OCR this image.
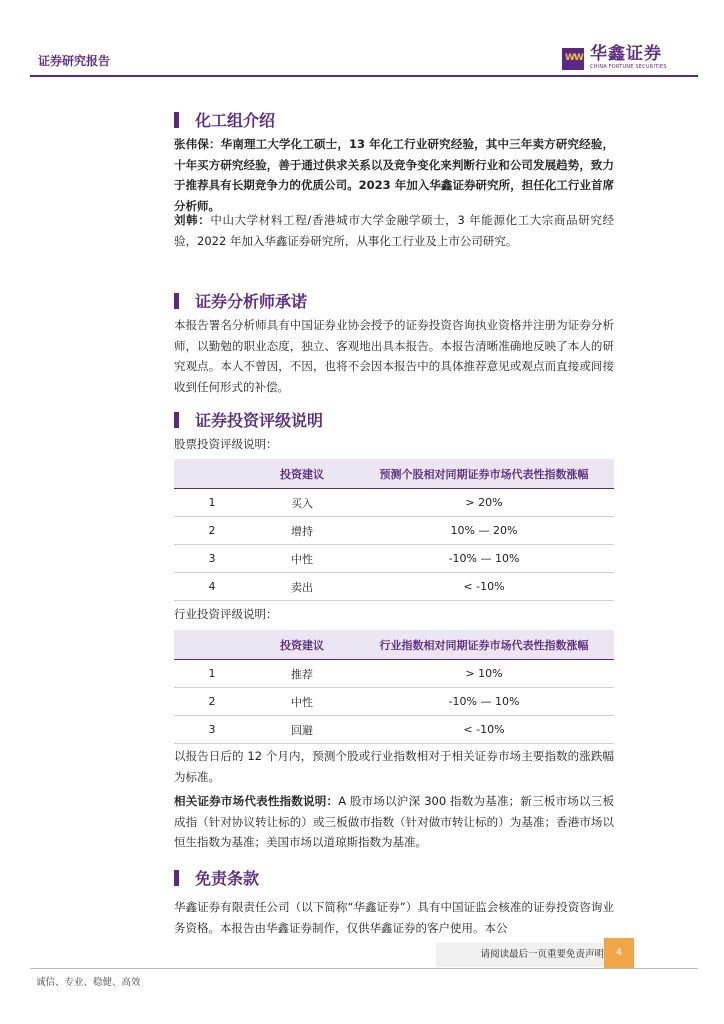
证券研究报告	WW 华鑫证券
CHINA FORTUNE SECURITIES
化工组介绍
张伟保：华南理工大学化工硕士，13 年化工行业研究经验，其中三年卖方研究经验，十年买方研究经验，善于通过供求关系以及竞争变化来判断行业和公司发展趋势，致力于推荐具有长期竞争力的优质公司。2023 年加入华鑫证券研究所，担任化工行业首席分析师。
刘韩：中山大学材料工程/香港城市大学金融学硕士，3 年能源化工大宗商品研究经验，2022 年加入华鑫证券研究所，从事化工行业及上市公司研究。
证券分析师承诺
本报告署名分析师具有中国证券业协会授予的证券投资咨询执业资格并注册为证券分析师，以勤勉的职业态度，独立、客观地出具本报告。本报告清晰准确地反映了本人的研究观点。本人不曾因，不因，也将不会因本报告中的具体推荐意见或观点而直接或间接收到任何形式的补偿。
证券投资评级说明
股票投资评级说明：
	投资建议	预测个股相对同期证券市场代表性指数涨幅
1	买入	> 20%
2	增持	10% — 20%
3	中性	-10% — 10%
4	卖出	< -10%
行业投资评级说明：
	投资建议	行业指数相对同期证券市场代表性指数涨幅
1	推荐	> 10%
2	中性	-10% — 10%
3	回避	< -10%
以报告日后的 12 个月内，预测个股或行业指数相对于相关证券市场主要指数的涨跌幅为标准。
相关证券市场代表性指数说明：A 股市场以沪深 300 指数为基准；新三板市场以三板成指（针对协议转让标的）或三板做市指数（针对做市转让标的）为基准；香港市场以恒生指数为基准；美国市场以道琼斯指数为基准。
免责条款
华鑫证券有限责任公司（以下简称“华鑫证券”）具有中国证监会核准的证券投资咨询业务资格。本报告由华鑫证券制作，仅供华鑫证券的客户使用。本公
请阅读最后一页重要免责声明	4
诚信、专业、稳健、高效
